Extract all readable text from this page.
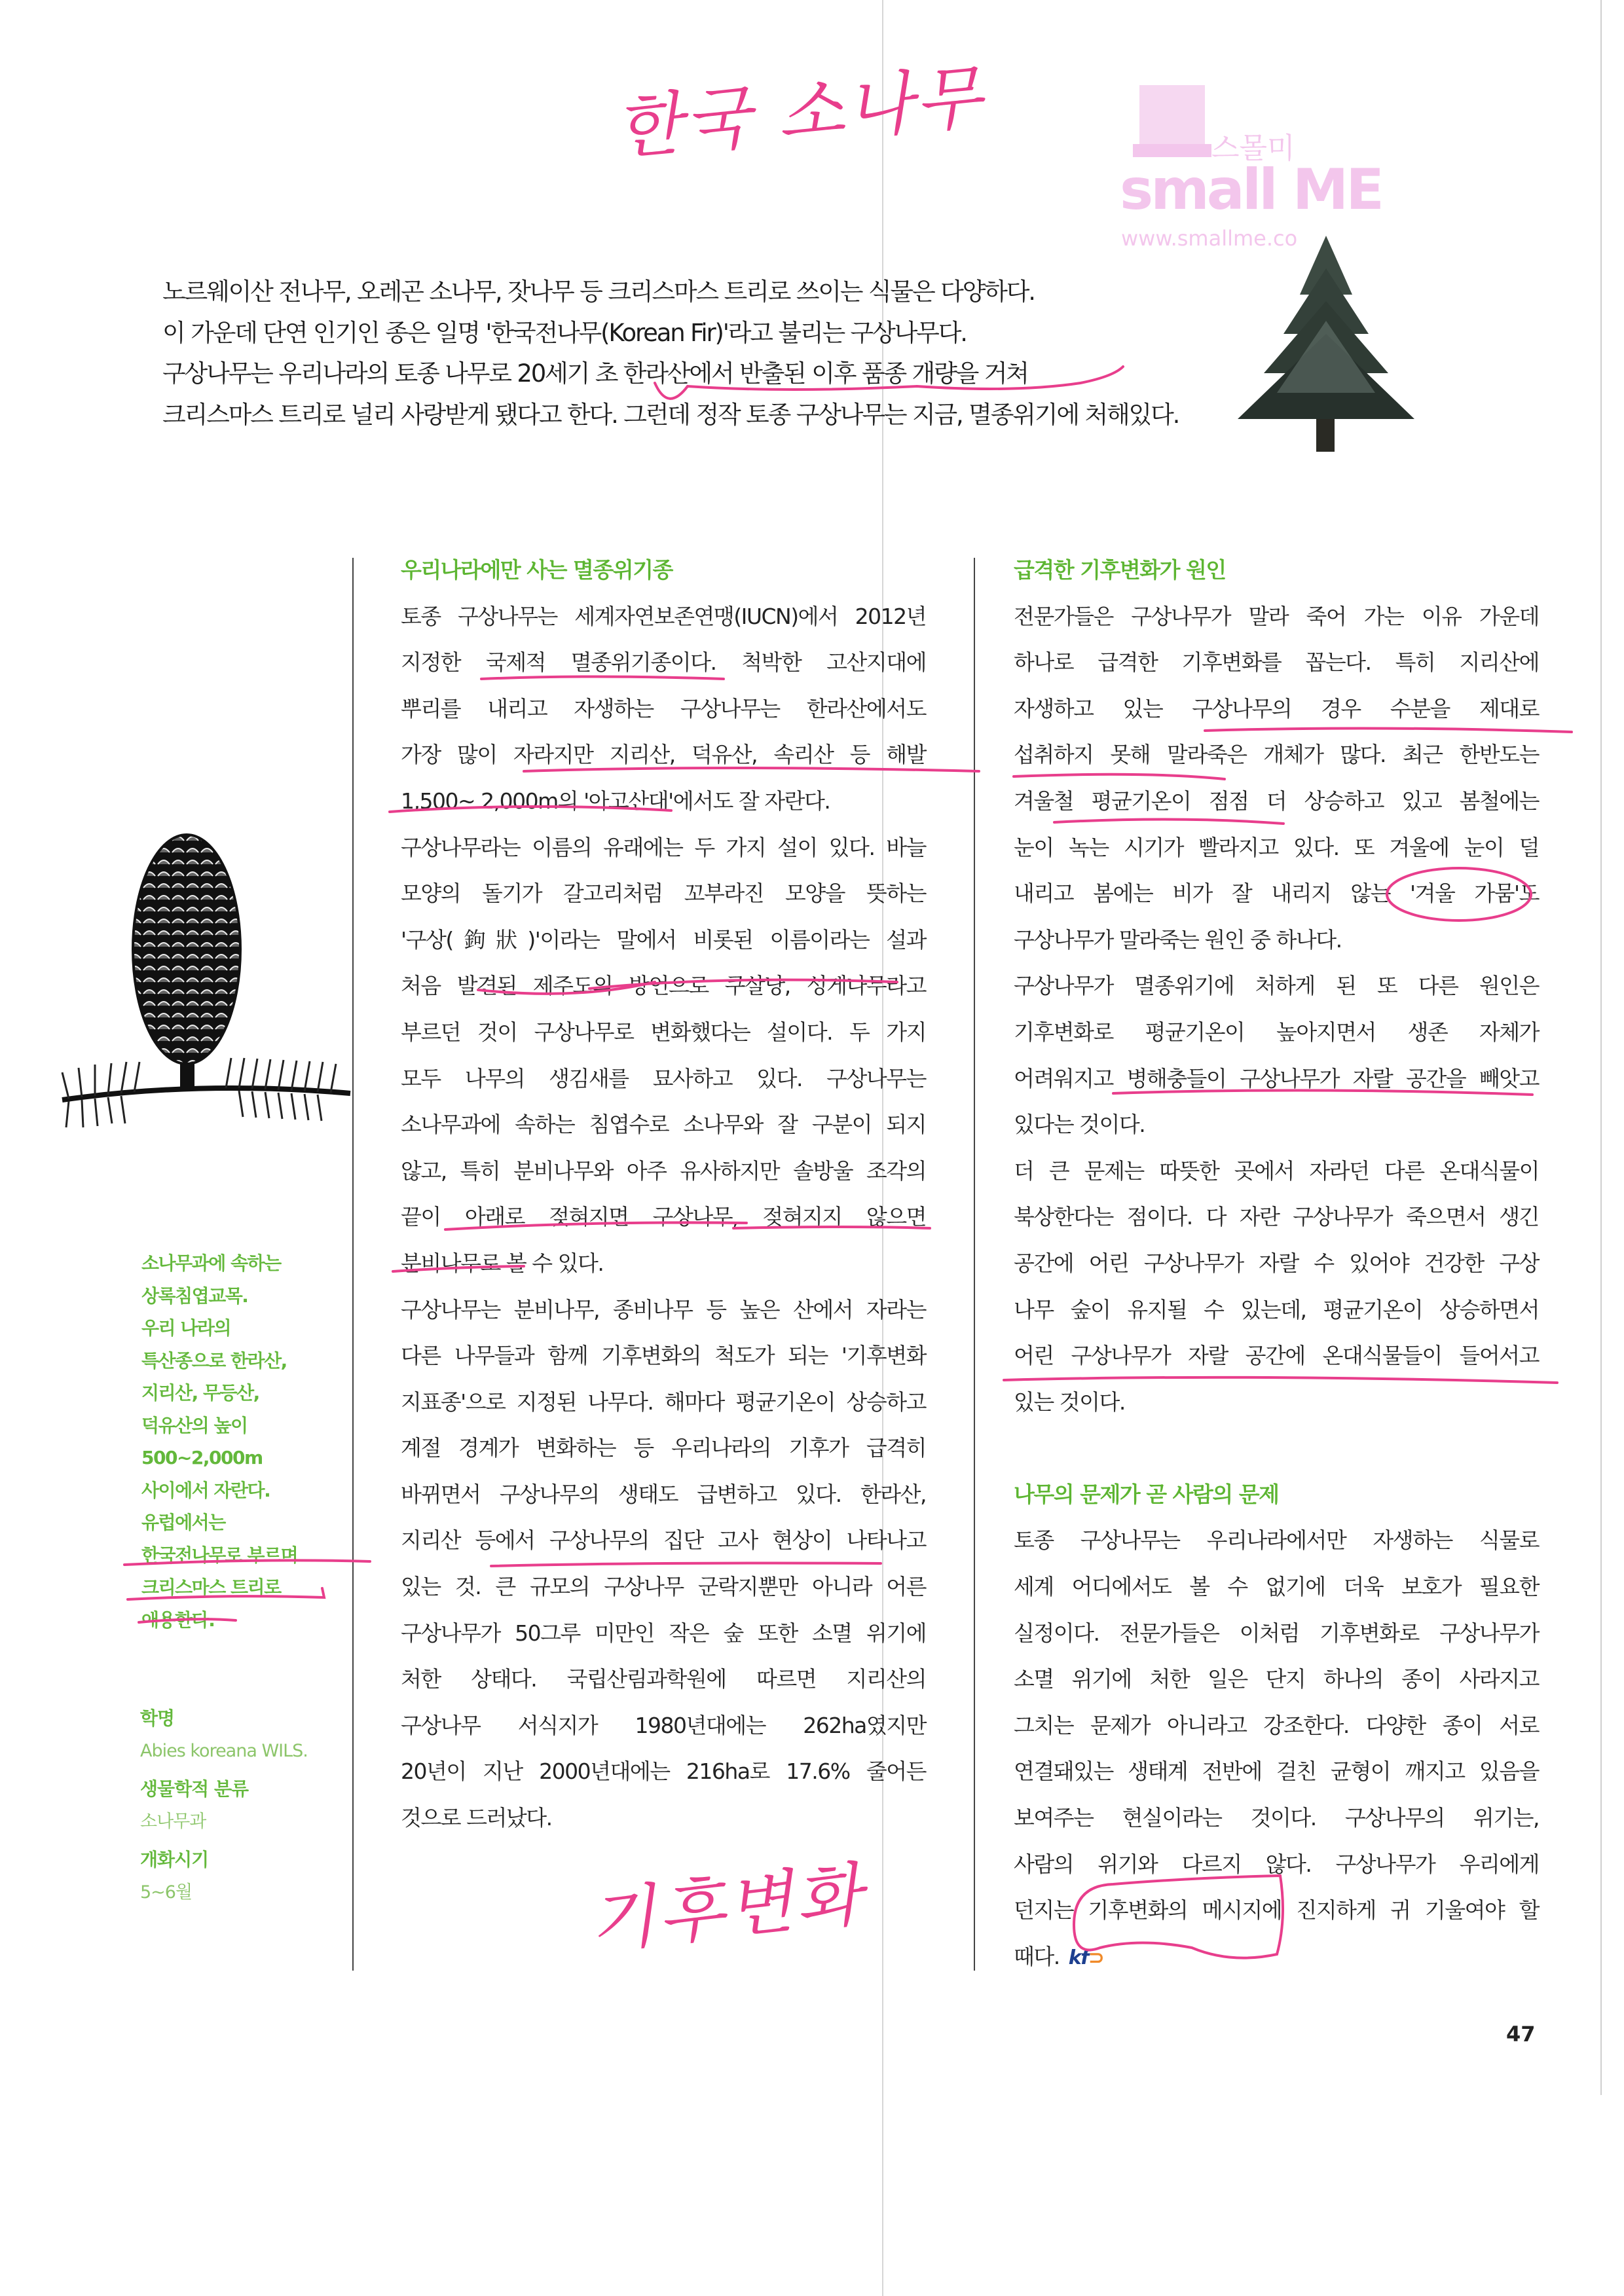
스몰미
small ME
www.smallme.co
한국 소나무
기후변화
노르웨이산 전나무, 오레곤 소나무, 잣나무 등 크리스마스 트리로 쓰이는 식물은 다양하다.
이 가운데 단연 인기인 종은 일명 '한국전나무(Korean Fir)'라고 불리는 구상나무다.
구상나무는 우리나라의 토종 나무로 20세기 초 한라산에서 반출된 이후 품종 개량을 거쳐
크리스마스 트리로 널리 사랑받게 됐다고 한다. 그런데 정작 토종 구상나무는 지금, 멸종위기에 처해있다.
우리나라에만 사는 멸종위기종
토종 구상나무는 세계자연보존연맹(IUCN)에서 2012년
지정한 국제적 멸종위기종이다. 척박한 고산지대에
뿌리를 내리고 자생하는 구상나무는 한라산에서도
가장 많이 자라지만 지리산, 덕유산, 속리산 등 해발
1,500~ 2,000m의 '아고산대'에서도 잘 자란다.
구상나무라는 이름의 유래에는 두 가지 설이 있다. 바늘
모양의 돌기가 갈고리처럼 꼬부라진 모양을 뜻하는
'구상(鉤狀)'이라는 말에서 비롯된 이름이라는 설과
처음 발견된 제주도의 방언으로 쿠살낭, 성게나무라고
부르던 것이 구상나무로 변화했다는 설이다. 두 가지
모두 나무의 생김새를 묘사하고 있다. 구상나무는
소나무과에 속하는 침엽수로 소나무와 잘 구분이 되지
않고, 특히 분비나무와 아주 유사하지만 솔방울 조각의
끝이 아래로 젖혀지면 구상나무, 젖혀지지 않으면
분비나무로 볼 수 있다.
구상나무는 분비나무, 종비나무 등 높은 산에서 자라는
다른 나무들과 함께 기후변화의 척도가 되는 '기후변화
지표종'으로 지정된 나무다. 해마다 평균기온이 상승하고
계절 경계가 변화하는 등 우리나라의 기후가 급격히
바뀌면서 구상나무의 생태도 급변하고 있다. 한라산,
지리산 등에서 구상나무의 집단 고사 현상이 나타나고
있는 것. 큰 규모의 구상나무 군락지뿐만 아니라 어른
구상나무가 50그루 미만인 작은 숲 또한 소멸 위기에
처한 상태다. 국립산림과학원에 따르면 지리산의
구상나무 서식지가 1980년대에는 262ha였지만
20년이 지난 2000년대에는 216ha로 17.6% 줄어든
것으로 드러났다.
급격한 기후변화가 원인
전문가들은 구상나무가 말라 죽어 가는 이유 가운데
하나로 급격한 기후변화를 꼽는다. 특히 지리산에
자생하고 있는 구상나무의 경우 수분을 제대로
섭취하지 못해 말라죽은 개체가 많다. 최근 한반도는
겨울철 평균기온이 점점 더 상승하고 있고 봄철에는
눈이 녹는 시기가 빨라지고 있다. 또 겨울에 눈이 덜
내리고 봄에는 비가 잘 내리지 않는 '겨울 가뭄'도
구상나무가 말라죽는 원인 중 하나다.
구상나무가 멸종위기에 처하게 된 또 다른 원인은
기후변화로 평균기온이 높아지면서 생존 자체가
어려워지고 병해충들이 구상나무가 자랄 공간을 빼앗고
있다는 것이다.
더 큰 문제는 따뜻한 곳에서 자라던 다른 온대식물이
북상한다는 점이다. 다 자란 구상나무가 죽으면서 생긴
공간에 어린 구상나무가 자랄 수 있어야 건강한 구상
나무 숲이 유지될 수 있는데, 평균기온이 상승하면서
어린 구상나무가 자랄 공간에 온대식물들이 들어서고
있는 것이다.
나무의 문제가 곧 사람의 문제
토종 구상나무는 우리나라에서만 자생하는 식물로
세계 어디에서도 볼 수 없기에 더욱 보호가 필요한
실정이다. 전문가들은 이처럼 기후변화로 구상나무가
소멸 위기에 처한 일은 단지 하나의 종이 사라지고
그치는 문제가 아니라고 강조한다. 다양한 종이 서로
연결돼있는 생태계 전반에 걸친 균형이 깨지고 있음을
보여주는 현실이라는 것이다. 구상나무의 위기는,
사람의 위기와 다르지 않다. 구상나무가 우리에게
던지는 기후변화의 메시지에 진지하게 귀 기울여야 할
때다. kf⊃
소나무과에 속하는
상록침엽교목.
우리 나라의
특산종으로 한라산,
지리산, 무등산,
덕유산의 높이
500~2,000m
사이에서 자란다.
유럽에서는
한국전나무로 부르며
크리스마스 트리로
애용한다.
학명
Abies koreana WILS.
생물학적 분류
소나무과
개화시기
5~6월
47
